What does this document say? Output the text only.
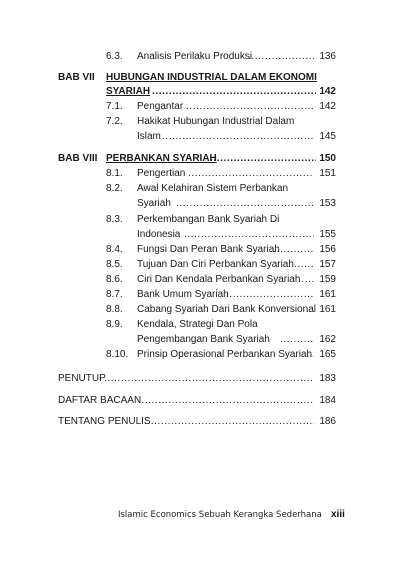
6.3. Analisis Perilaku Produksi .....	136
BAB VII HUBUNGAN INDUSTRIAL DALAM EKONOMI
SYARIAH .....	142
7.1. Pengantar .....	142
7.2. Hakikat Hubungan Industrial Dalam
Islam .....	145
BAB VIII PERBANKAN SYARIAH .....	150
8.1. Pengertian .....	151
8.2. Awal Kelahiran Sistem Perbankan
Syariah .....	153
8.3. Perkembangan Bank Syariah Di
Indonesia .....	155
8.4. Fungsi Dan Peran Bank Syariah .....	156
8.5. Tujuan Dan Ciri Perbankan Syariah .....	157
8.6. Ciri Dan Kendala Perbankan Syariah .....	159
8.7. Bank Umum Syariah .....	161
8.8. Cabang Syariah Dari Bank Konversional ..... 161
8.9. Kendala, Strategi Dan Pola
Pengembangan Bank Syariah .....	162
8.10. Prinsip Operasional Perbankan Syariah ..... 165
PENUTUP .....	183
DAFTAR BACAAN .....	184
TENTANG PENULIS .....	186
Islamic Economics Sebuah Kerangka Sederhana xiii
